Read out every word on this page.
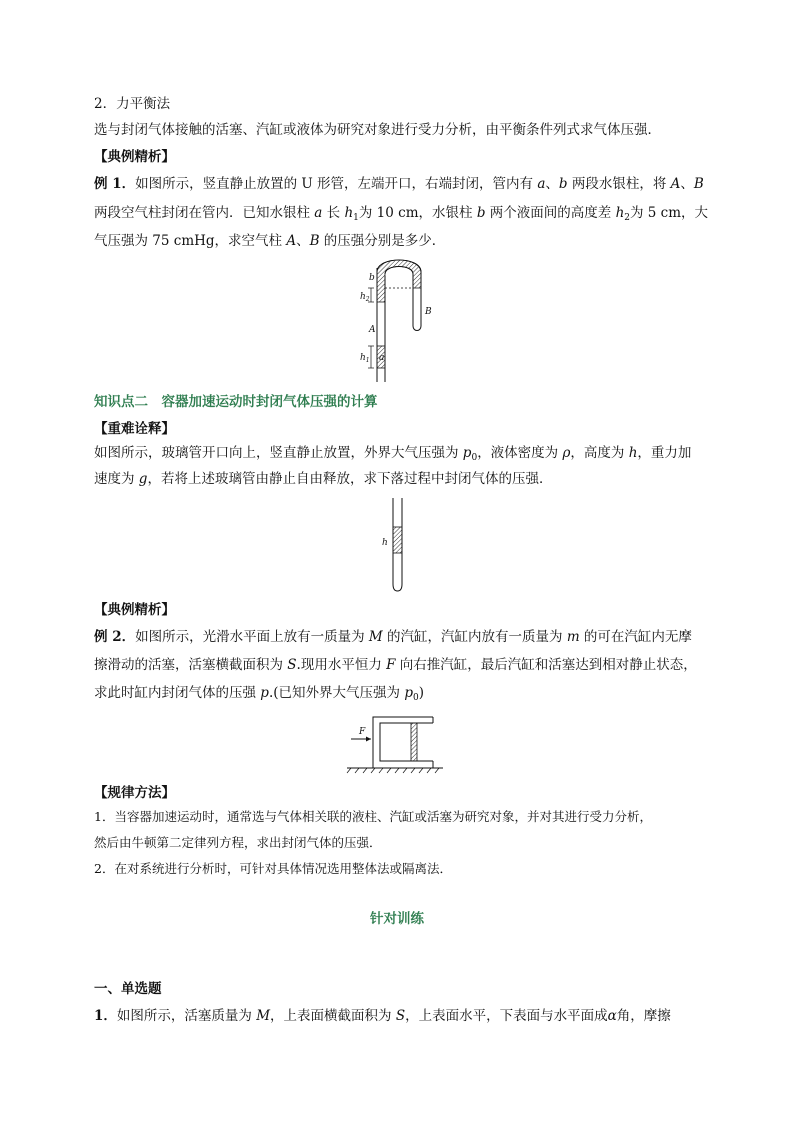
2．力平衡法
选与封闭气体接触的活塞、汽缸或液体为研究对象进行受力分析，由平衡条件列式求气体压强．
【典例精析】
例 1．如图所示，竖直静止放置的 U 形管，左端开口，右端封闭，管内有 a、b 两段水银柱，将 A、B
两段空气柱封闭在管内．已知水银柱 a 长 $h_1$为 10 cm，水银柱 b 两个液面间的高度差 $h_2$为 5 cm，大
气压强为 75 cmHg，求空气柱 A、B 的压强分别是多少．
b
$h_2$
A
B
$h_1$ a
知识点二　容器加速运动时封闭气体压强的计算
【重难诠释】
如图所示，玻璃管开口向上，竖直静止放置，外界大气压强为 $p_0$，液体密度为 ρ，高度为 h，重力加
速度为 g，若将上述玻璃管由静止自由释放，求下落过程中封闭气体的压强．
h
【典例精析】
例 2．如图所示，光滑水平面上放有一质量为 M 的汽缸，汽缸内放有一质量为 m 的可在汽缸内无摩
擦滑动的活塞，活塞横截面积为 S.现用水平恒力 F 向右推汽缸，最后汽缸和活塞达到相对静止状态，
求此时缸内封闭气体的压强 p.(已知外界大气压强为 $p_0$)
F
【规律方法】
1．当容器加速运动时，通常选与气体相关联的液柱、汽缸或活塞为研究对象，并对其进行受力分析，
然后由牛顿第二定律列方程，求出封闭气体的压强．
2．在对系统进行分析时，可针对具体情况选用整体法或隔离法．
针对训练
一、单选题
1．如图所示，活塞质量为 M，上表面横截面积为 S，上表面水平，下表面与水平面成α角，摩擦
